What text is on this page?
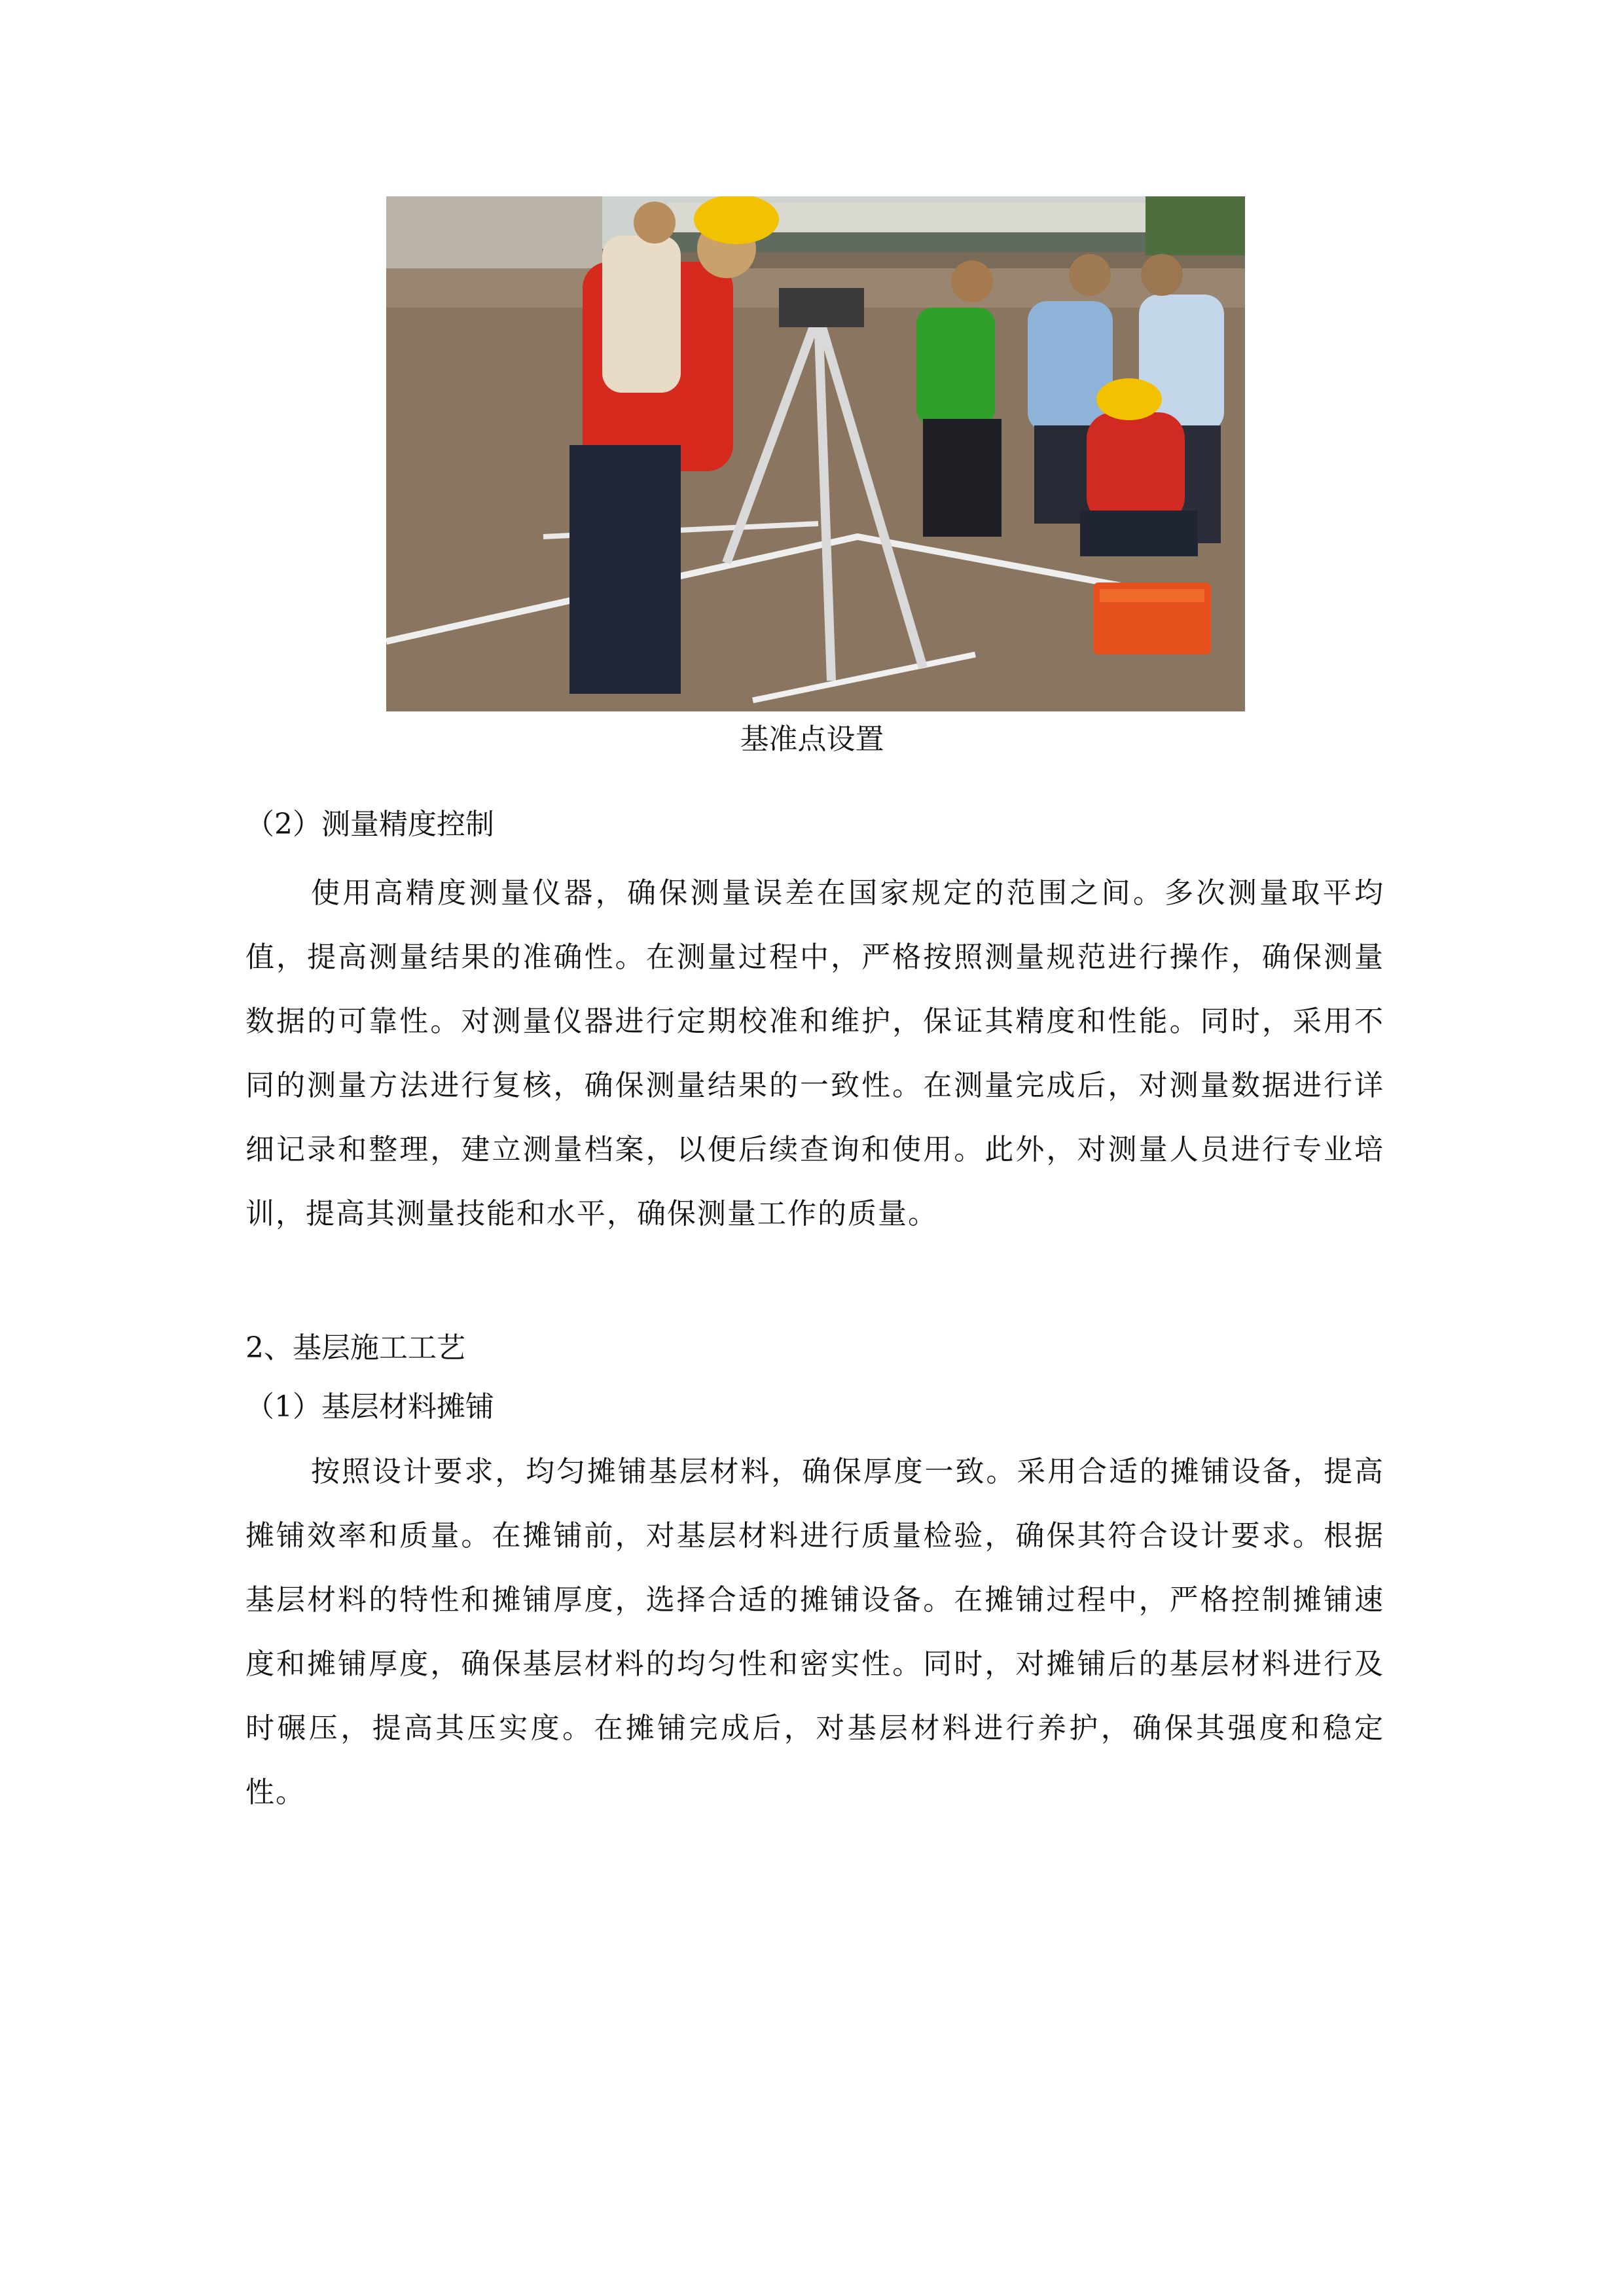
基准点设置
（2）测量精度控制
使用高精度测量仪器，确保测量误差在国家规定的范围之间。多次测量取平均值，提高测量结果的准确性。在测量过程中，严格按照测量规范进行操作，确保测量数据的可靠性。对测量仪器进行定期校准和维护，保证其精度和性能。同时，采用不同的测量方法进行复核，确保测量结果的一致性。在测量完成后，对测量数据进行详细记录和整理，建立测量档案，以便后续查询和使用。此外，对测量人员进行专业培训，提高其测量技能和水平，确保测量工作的质量。
2、基层施工工艺
（1）基层材料摊铺
按照设计要求，均匀摊铺基层材料，确保厚度一致。采用合适的摊铺设备，提高摊铺效率和质量。在摊铺前，对基层材料进行质量检验，确保其符合设计要求。根据基层材料的特性和摊铺厚度，选择合适的摊铺设备。在摊铺过程中，严格控制摊铺速度和摊铺厚度，确保基层材料的均匀性和密实性。同时，对摊铺后的基层材料进行及时碾压，提高其压实度。在摊铺完成后，对基层材料进行养护，确保其强度和稳定性。
